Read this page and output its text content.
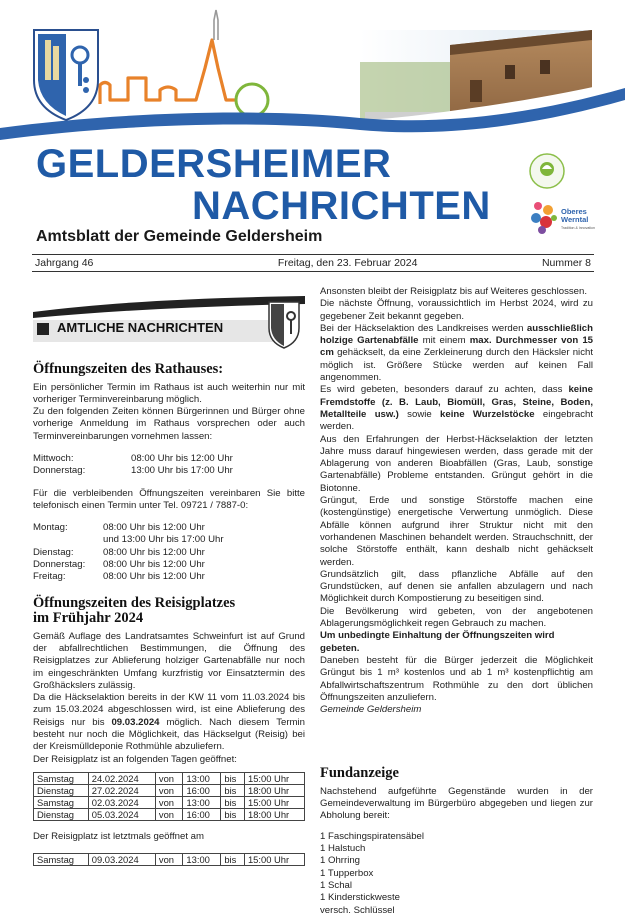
GELDERSHEIMER
NACHRICHTEN
Amtsblatt der Gemeinde Geldersheim
Oberes Werntal
Tradition & Innovation
Jahrgang 46	Freitag, den 23. Februar 2024	Nummer 8
AMTLICHE NACHRICHTEN
Öffnungszeiten des Rathauses:

Ein persönlicher Termin im Rathaus ist auch weiterhin nur mit vorheriger Terminvereinbarung möglich.

Zu den folgenden Zeiten können Bürgerinnen und Bürger ohne vorherige Anmeldung im Rathaus vorsprechen oder auch Terminvereinbarungen vornehmen lassen:

Mittwoch:	08:00 Uhr bis 12:00 Uhr
Donnerstag:	13:00 Uhr bis 17:00 Uhr

Für die verbleibenden Öffnungszeiten vereinbaren Sie bitte telefonisch einen Termin unter Tel. 09721 / 7887-0:

Montag:	08:00 Uhr bis 12:00 Uhr
und 13:00 Uhr bis 17:00 Uhr
Dienstag:	08:00 Uhr bis 12:00 Uhr
Donnerstag:	08:00 Uhr bis 12:00 Uhr
Freitag:	08:00 Uhr bis 12:00 Uhr
Öffnungszeiten des Reisigplatzes
im Frühjahr 2024

Gemäß Auflage des Landratsamtes Schweinfurt ist auf Grund der abfallrechtlichen Bestimmungen, die Öffnung des Reisigplatzes zur Ablieferung holziger Gartenabfälle nur noch im eingeschränkten Umfang kurzfristig vor Einsatztermin des Großhäckslers zulässig.

Da die Häckselaktion bereits in der KW 11 vom 11.03.2024 bis zum 15.03.2024 abgeschlossen wird, ist eine Ablieferung des Reisigs nur bis 09.03.2024 möglich. Nach diesem Termin besteht nur noch die Möglichkeit, das Häckselgut (Reisig) bei der Kreismülldeponie Rothmühle abzuliefern.

Der Reisigplatz ist an folgenden Tagen geöffnet:

Samstag	24.02.2024	von	13:00	bis	15:00 Uhr
Dienstag	27.02.2024	von	16:00	bis	18:00 Uhr
Samstag	02.03.2024	von	13:00	bis	15:00 Uhr
Dienstag	05.03.2024	von	16:00	bis	18:00 Uhr

Der Reisigplatz ist letztmals geöffnet am

Samstag	09.03.2024	von	13:00	bis	15:00 Uhr

Ansonsten bleibt der Reisigplatz bis auf Weiteres geschlossen.

Die nächste Öffnung, voraussichtlich im Herbst 2024, wird zu gegebener Zeit bekannt gegeben.

Bei der Häckselaktion des Landkreises werden ausschließlich holzige Gartenabfälle mit einem max. Durchmesser von 15 cm gehäckselt, da eine Zerkleinerung durch den Häcksler nicht möglich ist. Größere Stücke werden auf keinen Fall angenommen.

Es wird gebeten, besonders darauf zu achten, dass keine Fremdstoffe (z. B. Laub, Biomüll, Gras, Steine, Boden, Metallteile usw.) sowie keine Wurzelstöcke eingebracht werden.

Aus den Erfahrungen der Herbst-Häckselaktion der letzten Jahre muss darauf hingewiesen werden, dass gerade mit der Ablagerung von anderen Bioabfällen (Gras, Laub, sonstige Gartenabfälle) Probleme entstanden. Grüngut gehört in die Biotonne.

Grüngut, Erde und sonstige Störstoffe machen eine (kostengünstige) energetische Verwertung unmöglich. Diese Abfälle können aufgrund ihrer Struktur nicht mit den vorhandenen Maschinen behandelt werden. Strauchschnitt, der solche Störstoffe enthält, kann deshalb nicht gehäckselt werden.

Grundsätzlich gilt, dass pflanzliche Abfälle auf den Grundstücken, auf denen sie anfallen abzulagern und nach Möglichkeit durch Kompostierung zu beseitigen sind.

Die Bevölkerung wird gebeten, von der angebotenen Ablagerungsmöglichkeit regen Gebrauch zu machen.

Um unbedingte Einhaltung der Öffnungszeiten wird gebeten.

Daneben besteht für die Bürger jederzeit die Möglichkeit Grüngut bis 1 m³ kostenlos und ab 1 m³ kostenpflichtig am Abfallwirtschaftszentrum Rothmühle zu den dort üblichen Öffnungszeiten anzuliefern.

Gemeinde Geldersheim

Fundanzeige

Nachstehend aufgeführte Gegenstände wurden in der Gemeindeverwaltung im Bürgerbüro abgegeben und liegen zur Abholung bereit:

1 Faschingspiratensäbel
1 Halstuch
1 Ohrring
1 Tupperbox
1 Schal
1 Kinderstickweste
versch. Schlüssel
